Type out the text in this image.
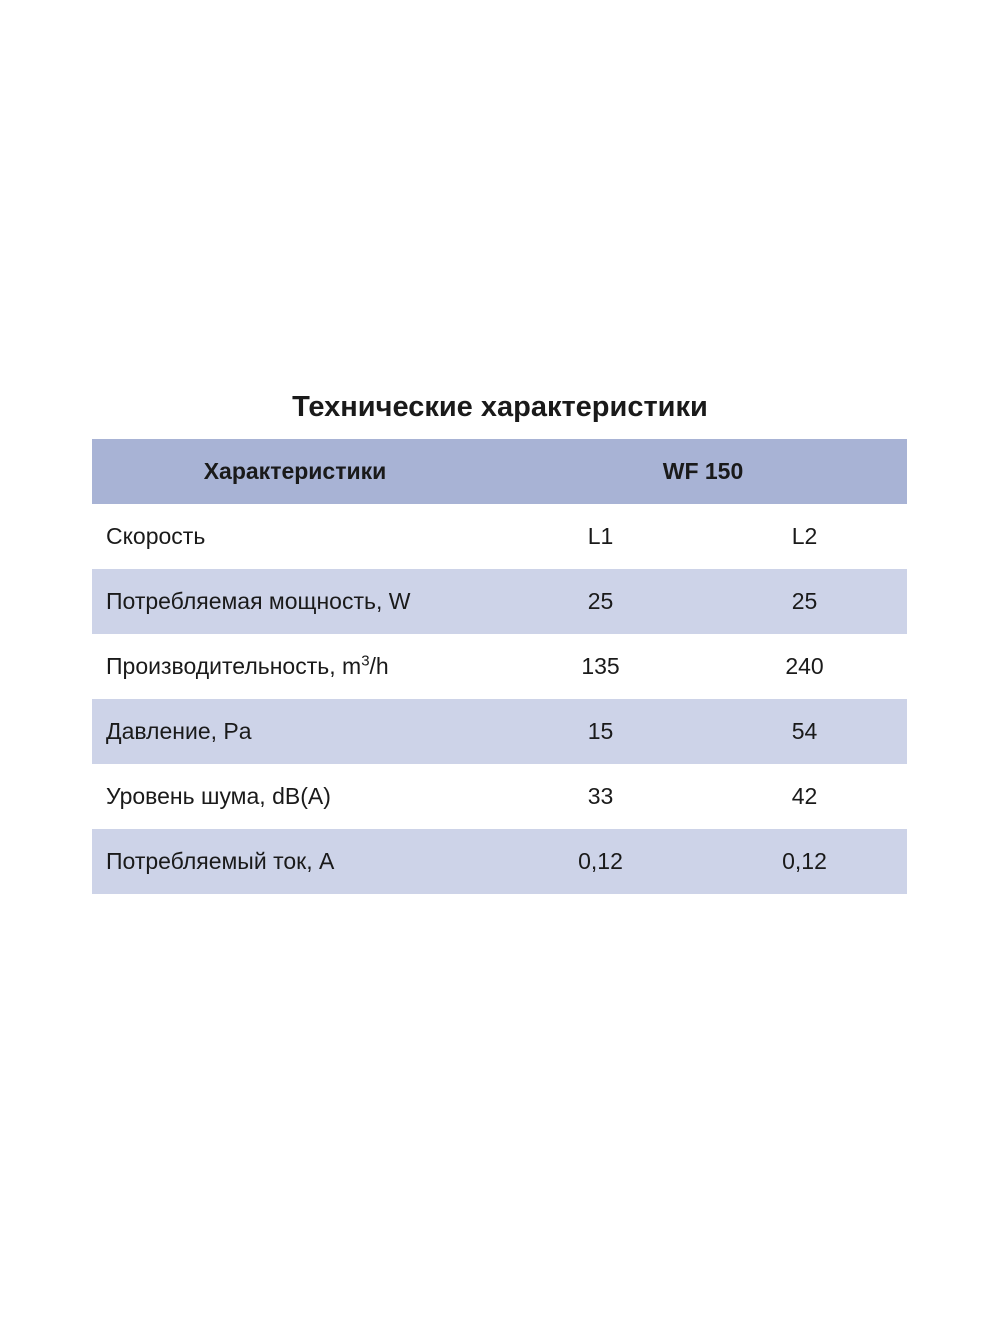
Технические характеристики
Характеристики	WF 150
Скорость	L1	L2
Потребляемая мощность, W	25	25
Производительность, $m^3/h$	135	240
Давление, Pa	15	54
Уровень шума, dB(A)	33	42
Потребляемый ток, A	0,12	0,12
